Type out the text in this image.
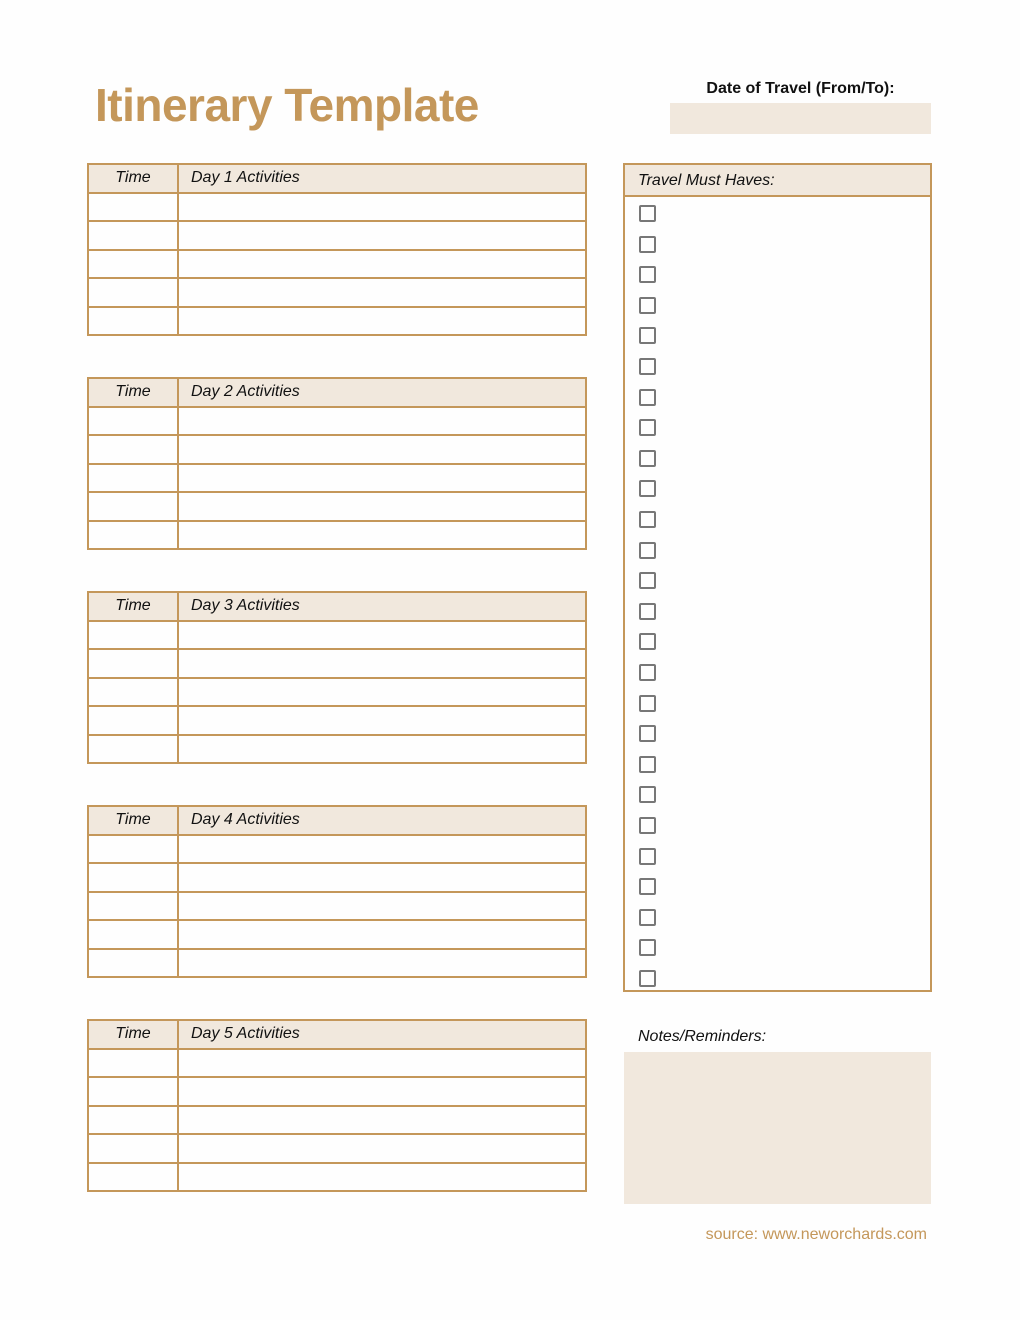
Itinerary Template	Date of Travel (From/To):
Time	Day 1 Activities

Time	Day 2 Activities

Time	Day 3 Activities

Time	Day 4 Activities

Time	Day 5 Activities

Travel Must Haves:
Notes/Reminders:
source: www.neworchards.com
